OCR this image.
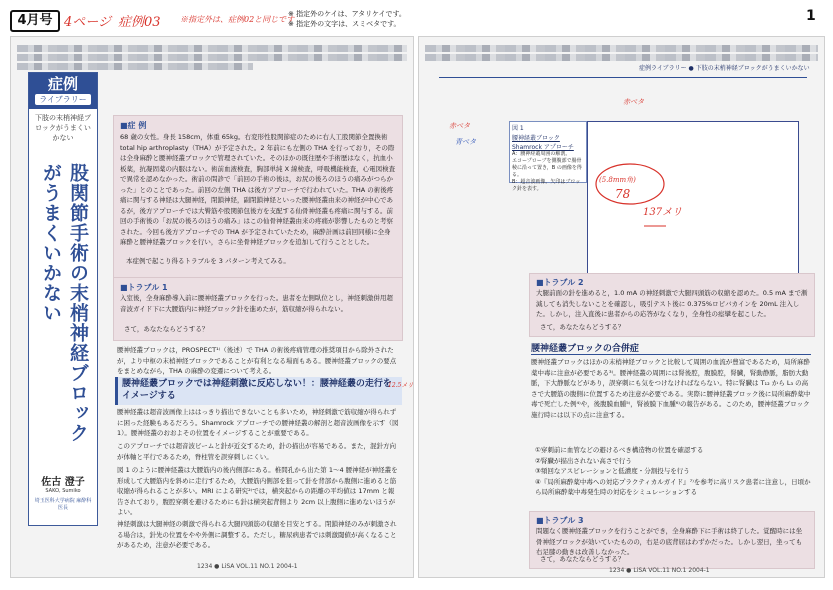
4月号 4ページ 症例03 ※指定外は、症例02と同じです
※ 指定外のケイは、アタリケイです。
※ 指定外の文字は、スミベタです。	1
■症 例
68 歳の女性。身長 158cm，体重 65kg。右変形性股関節症のために右人工股関節全置換術 total hip arthroplasty（THA）が予定された。2 年前にも左側の THA を行っており，その際は全身麻酔と腰神経叢ブロックで管理されていた。そのほかの既往歴や手術歴はなく，抗血小板薬，抗凝固薬の内服はない。術前血液検査，胸部単純 X 線検査，呼吸機能検査，心電図検査で異常を認めなかった。術前の問診で「前回の手術の後は，お尻の後ろのほうの痛みがつらかった」とのことであった。前回の左側 THA は後方アプローチで行われていた。THA の術後疼痛に関与する神経は大腿神経，閉鎖神経，副閉鎖神経といった腰神経叢由来の神経が中心であるが，後方アプローチでは大臀筋や股関節包後方を支配する仙骨神経叢も疼痛に関与する。前回の手術後の「お尻の後ろのほうの痛み」はこの仙骨神経叢由来の疼痛が影響したものと考察された。今回も後方アプローチでの THA が予定されていたため，麻酔計画は前回同様に全身麻酔と腰神経叢ブロックを行い，さらに坐骨神経ブロックを追加して行うこととした。
本症例で起こり得るトラブルを 3 パターン考えてみる。
■トラブル 1
入室後，全身麻酔導入前に腰神経叢ブロックを行った。患者を左側臥位とし，神経刺激併用超音波ガイド下に大腰筋内に神経ブロック針を進めたが，筋収縮が得られない。
さて，あなたならどうする？
腰神経叢ブロックは，PROSPECT¹⁾（後述）で THA の術後疼痛管理の推奨項目から除外されたが，より中枢の末梢神経ブロックであることが有利となる場面もある。腰神経叢ブロックの要点をまとめながら，THA の麻酔の変遷について考える。
腰神経叢ブロックでは神経刺激に反応しない！：腰神経叢の走行をイメージする
腰神経叢は超音波画像上ははっきり描出できないことも多いため，神経刺激で筋収縮が得られずに困った経験もあるだろう。Shamrock アプローチでの腰神経叢の解剖と超音波画像を示す（図 1）。腰神経叢のおおよその位置をイメージすることが重要である。
このアプローチでは超音波ビームと針が近交するため，針の描出が容易である。また，混針方向が体軸と平行であるため，脊柱管を誤穿刺しにくい。
図 1 のように腰神経叢は大腰筋内の後内側部にある。椎間孔から出た第 1〜4 腰神経が神経叢を形成して大腰筋内を斜めに走行するため，大腰筋内側部を狙って針を背部から腹側に進めると筋収縮が得られることが多い。MRI による研究²⁾では，横突起からの距離の平均値は 17mm と報告されており，腹腔穿刺を避けるためにも針は横突起背側より 2cm 以上腹側に進めないほうがよい。
神経刺激は大腿神経の刺激で得られる大腿四頭筋の収縮を目安とする。閉鎖神経のみが刺激される場合は，針先の位置をやや外側に調整する。ただし，糖尿病患者では刺激閾値が高くなることがあるため，注意が必要である。
1234 ● LiSA VOL.11 NO.1 2004-1
症例
ライブラリー
下肢の末梢神経ブロックがうまくいかない
股関節手術の末梢神経ブロックがうまくいかない
佐古 澄子
SAKO, Sumiko
埼玉医科大学病院 麻酔科医長
症例ライブラリー ● 下肢の末梢神経ブロックがうまくいかない
図 1
腰神経叢ブロック Shamrock アプローチ
A：腰神経叢周囲の解剖。
エコープローブを側腹部で腸骨稜に沿って置き，B の画像を得る。
B：超音波画像。矢印はブロック針を表す。
赤ベタ
青ベタ
(5.8mm角)
78
137メリ
赤ベタ
■トラブル 2
大腿前面の針を進めると，1.0 mA の神経刺激で大腿四頭筋の収縮を認めた。0.5 mA まで漸減しても消失しないことを確認し，吸引テスト後に 0.375%ロピバカインを 20mL 注入した。しかし，注入直後に患者からの応答がなくなり，全身性の痙攣を起こした。
さて，あなたならどうする？
腰神経叢ブロックの合併症
腰神経叢ブロックはほかの末梢神経ブロックと比較して周囲の血流が豊富であるため，局所麻酔薬中毒に注意が必要である³⁾。腰神経叢の周囲には腎後腔，腹膜腔，腎臓，腎動静脈，脂肪大動脈，下大静脈などがあり，誤穿刺にも気をつけなければならない。特に腎臓は T₁₂ から L₃ の高さで大腰筋の腹側に位置するため注意が必要である。実際に腰神経叢ブロック後に局所麻酔薬中毒で死亡した例⁴⁾や，後腹膜血腫⁵⁾，腎被膜下血腫⁶⁾の報告がある。このため，腰神経叢ブロック施行時には以下の点に注意する。
①穿刺前に血管などの避けるべき構造物の位置を確認する
②腎臓が描出されない高さで行う
③頻回なアスピレーションと低濃度・分割投与を行う
④『局所麻酔薬中毒への対応プラクティカルガイド』⁷⁾を参考に高リスク患者に注意し，日頃から局所麻酔薬中毒発生時の対応をシミュレーションする
■トラブル 3
問題なく腰神経叢ブロックを行うことができ，全身麻酔下に手術は終了した。覚醒時には坐骨神経ブロックが効いていたものの，右足の底背屈はわずかだった。しかし翌日，坐っても右足膝の動きは改善しなかった。
さて，あなたならどうする？
1234 ● LiSA VOL.11 NO.1 2004-1
12.5メリ
